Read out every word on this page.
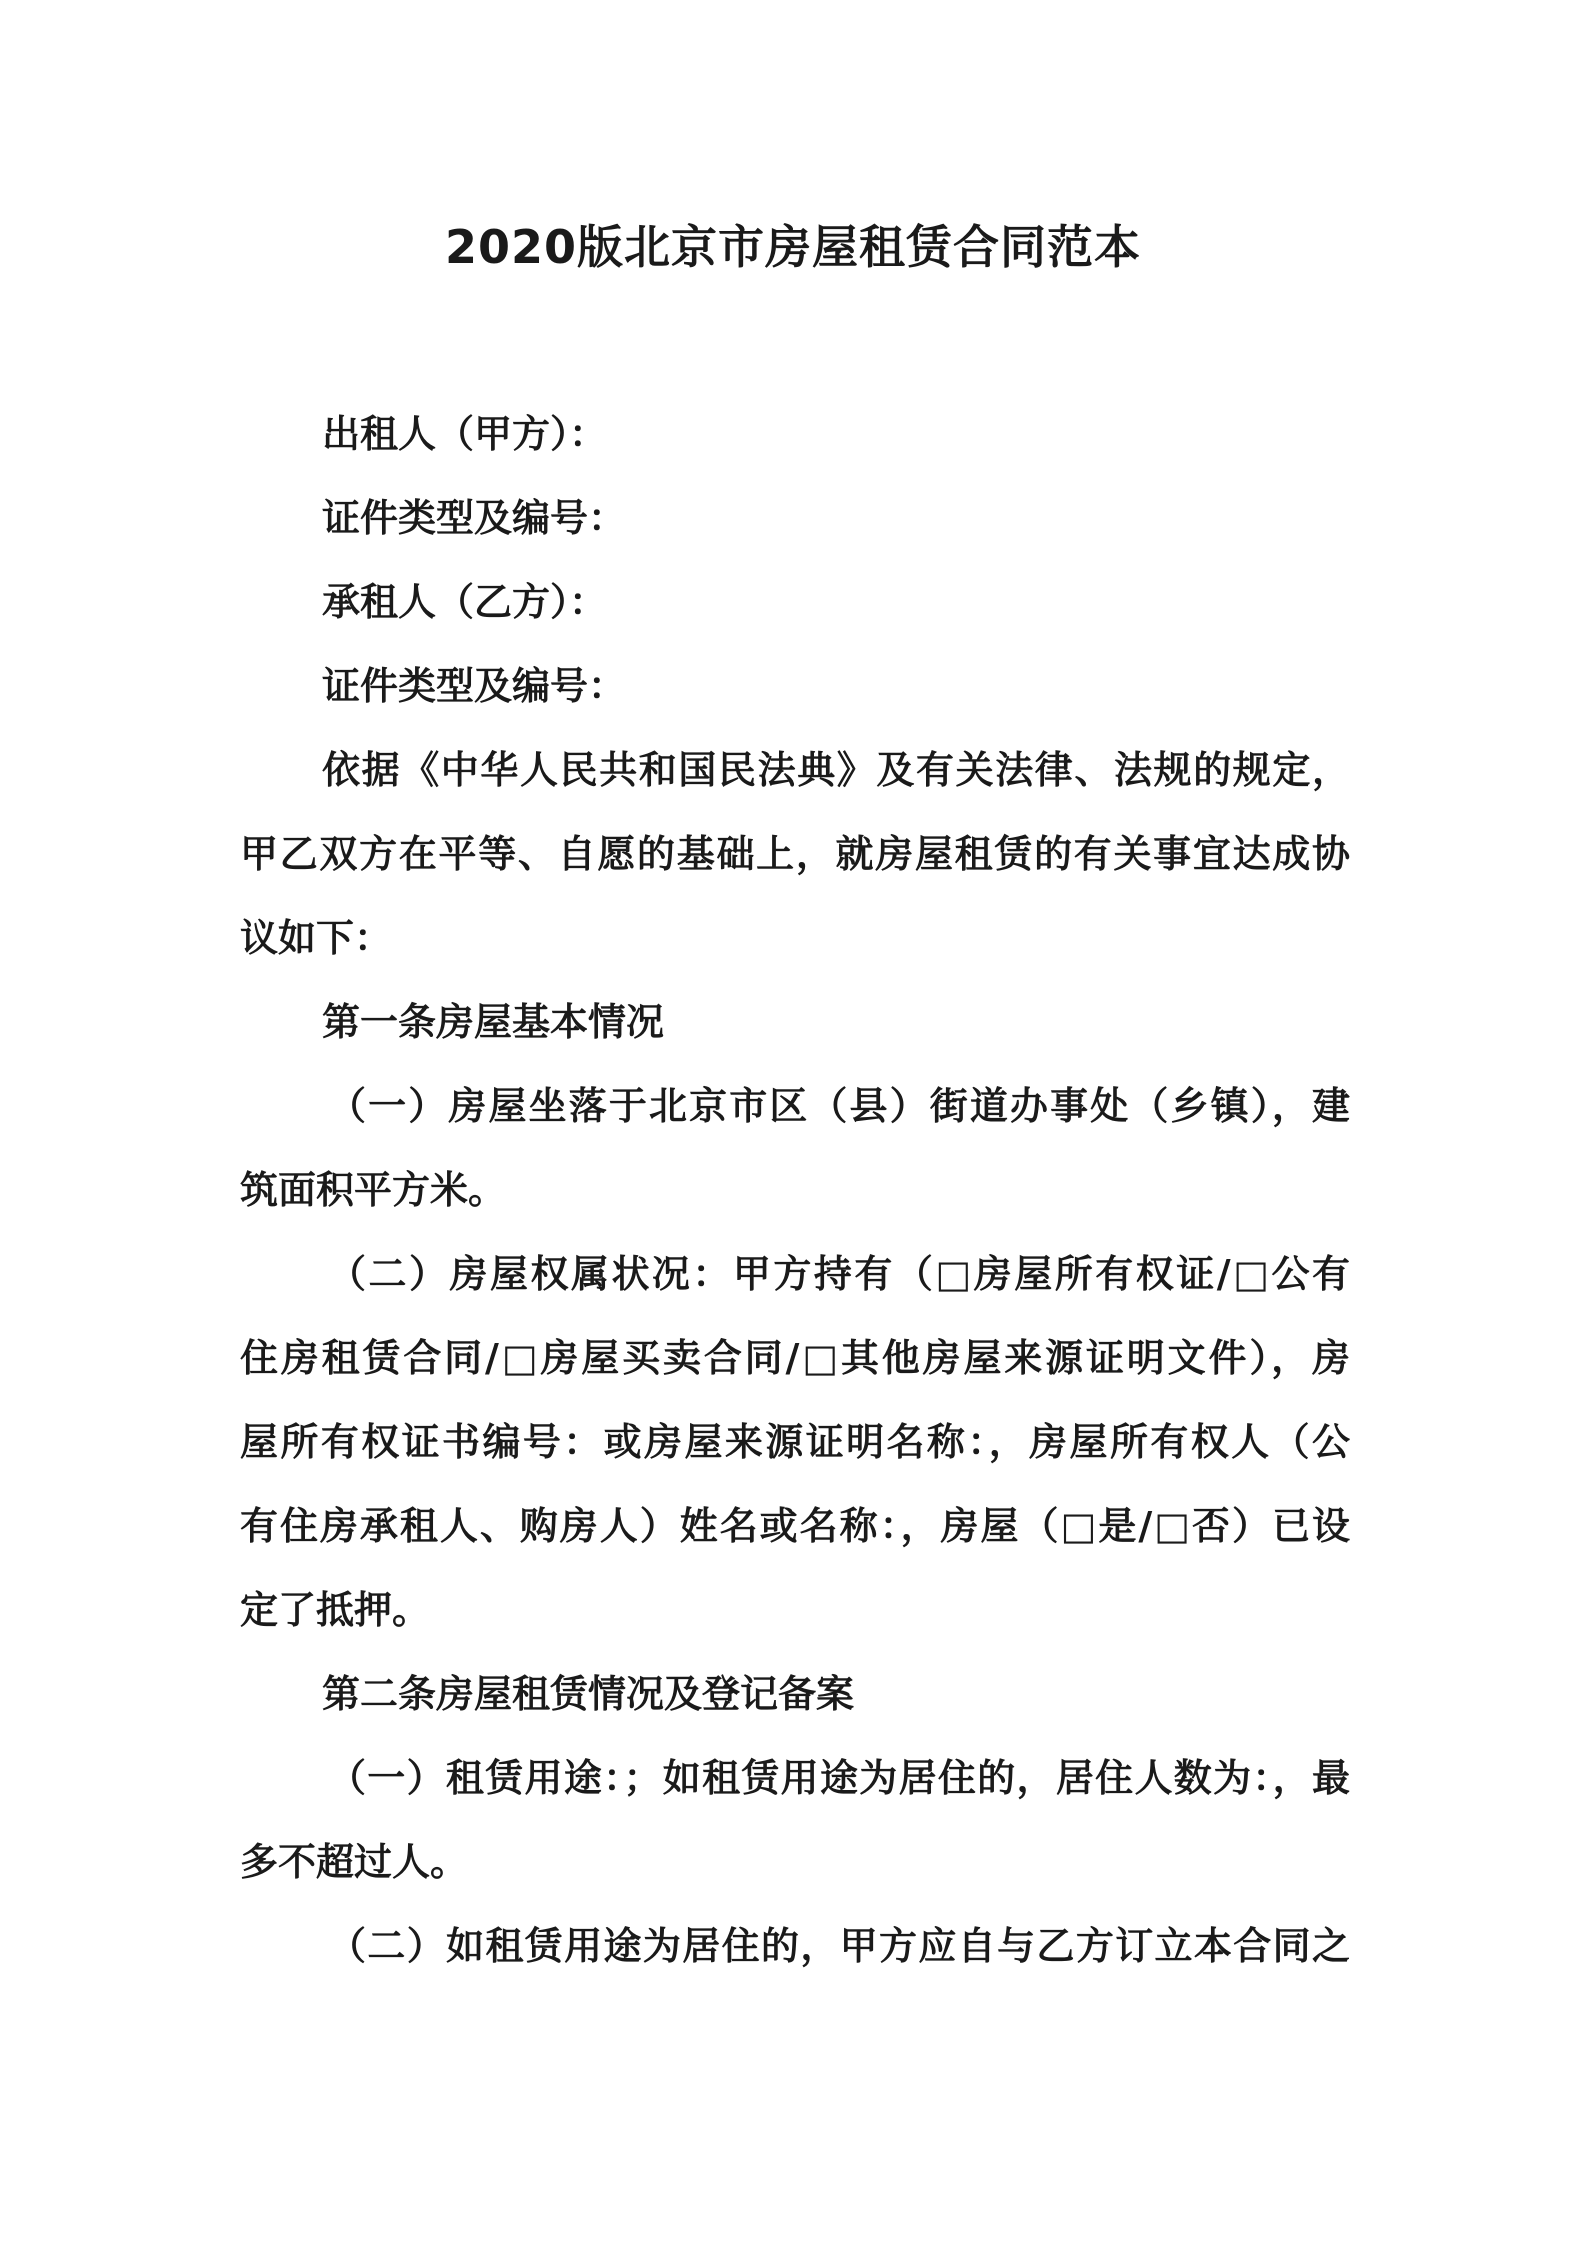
2020版北京市房屋租赁合同范本
出租人（甲方）：
证件类型及编号：
承租人（乙方）：
证件类型及编号：
依据《中华人民共和国民法典》及有关法律、法规的规定，
甲乙双方在平等、自愿的基础上，就房屋租赁的有关事宜达成协
议如下：
第一条房屋基本情况
（一）房屋坐落于北京市区（县）街道办事处（乡镇），建
筑面积平方米。
（二）房屋权属状况：甲方持有（□房屋所有权证/□公有
住房租赁合同/□房屋买卖合同/□其他房屋来源证明文件），房
屋所有权证书编号：或房屋来源证明名称：，房屋所有权人（公
有住房承租人、购房人）姓名或名称：，房屋（□是/□否）已设
定了抵押。
第二条房屋租赁情况及登记备案
（一）租赁用途：；如租赁用途为居住的，居住人数为：，最
多不超过人。
（二）如租赁用途为居住的，甲方应自与乙方订立本合同之
